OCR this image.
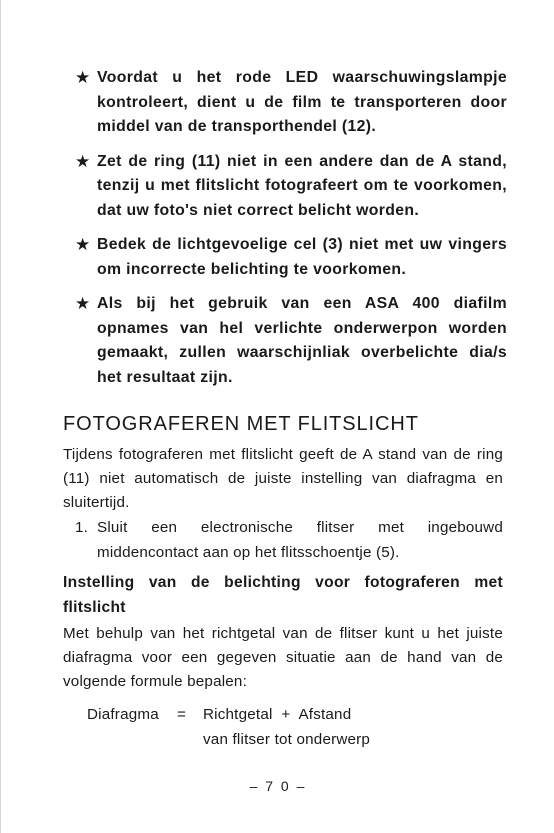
★ Voordat u het rode LED waarschuwingslampje kontroleert, dient u de film te transporteren door middel van de transporthendel (12).
★ Zet de ring (11) niet in een andere dan de A stand, tenzij u met flitslicht fotografeert om te voorkomen, dat uw foto's niet correct belicht worden.
★ Bedek de lichtgevoelige cel (3) niet met uw vingers om incorrecte belichting te voorkomen.
★ Als bij het gebruik van een ASA 400 diafilm opnames van hel verlichte onderwerpon worden gemaakt, zullen waarschijnliak overbelichte dia/s het resultaat zijn.
FOTOGRAFEREN MET FLITSLICHT

Tijdens fotograferen met flitslicht geeft de A stand van de ring (11) niet automatisch de juiste instelling van diafragma en sluitertijd.

1. Sluit een electronische flitser met ingebouwd middencontact aan op het flitsschoentje (5).
Instelling van de belichting voor fotograferen met flitslicht

Met behulp van het richtgetal van de flitser kunt u het juiste diafragma voor een gegeven situatie aan de hand van de volgende formule bepalen:

Diafragma = Richtgetal  +  Afstand
van flitser tot onderwerp
– 7 0 –
